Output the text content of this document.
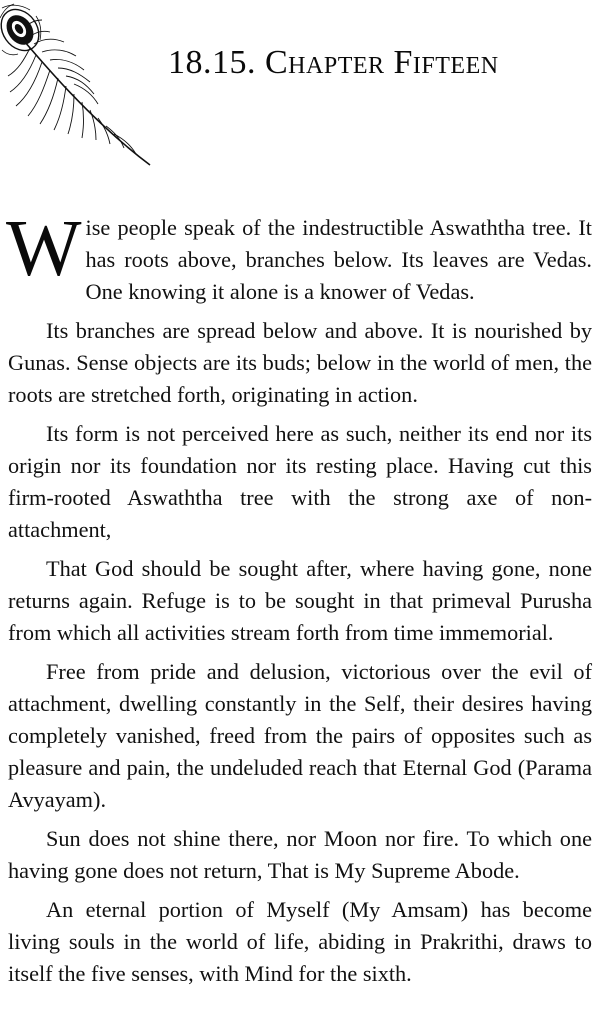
18.15. Chapter Fifteen

Wise people speak of the indestructible Aswaththa tree. It has roots above, branches below. Its leaves are Vedas. One knowing it alone is a knower of Vedas.

Its branches are spread below and above. It is nourished by Gunas. Sense objects are its buds; below in the world of men, the roots are stretched forth, originating in action.

Its form is not perceived here as such, neither its end nor its origin nor its foundation nor its resting place. Having cut this firm-rooted Aswaththa tree with the strong axe of non-attachment,

That God should be sought after, where having gone, none returns again. Refuge is to be sought in that primeval Purusha from which all activities stream forth from time immemorial.

Free from pride and delusion, victorious over the evil of attachment, dwelling constantly in the Self, their desires having completely vanished, freed from the pairs of opposites such as pleasure and pain, the undeluded reach that Eternal God (Parama Avyayam).

Sun does not shine there, nor Moon nor fire. To which one having gone does not return, That is My Supreme Abode.

An eternal portion of Myself (My Amsam) has become living souls in the world of life, abiding in Prakrithi, draws to itself the five senses, with Mind for the sixth.
